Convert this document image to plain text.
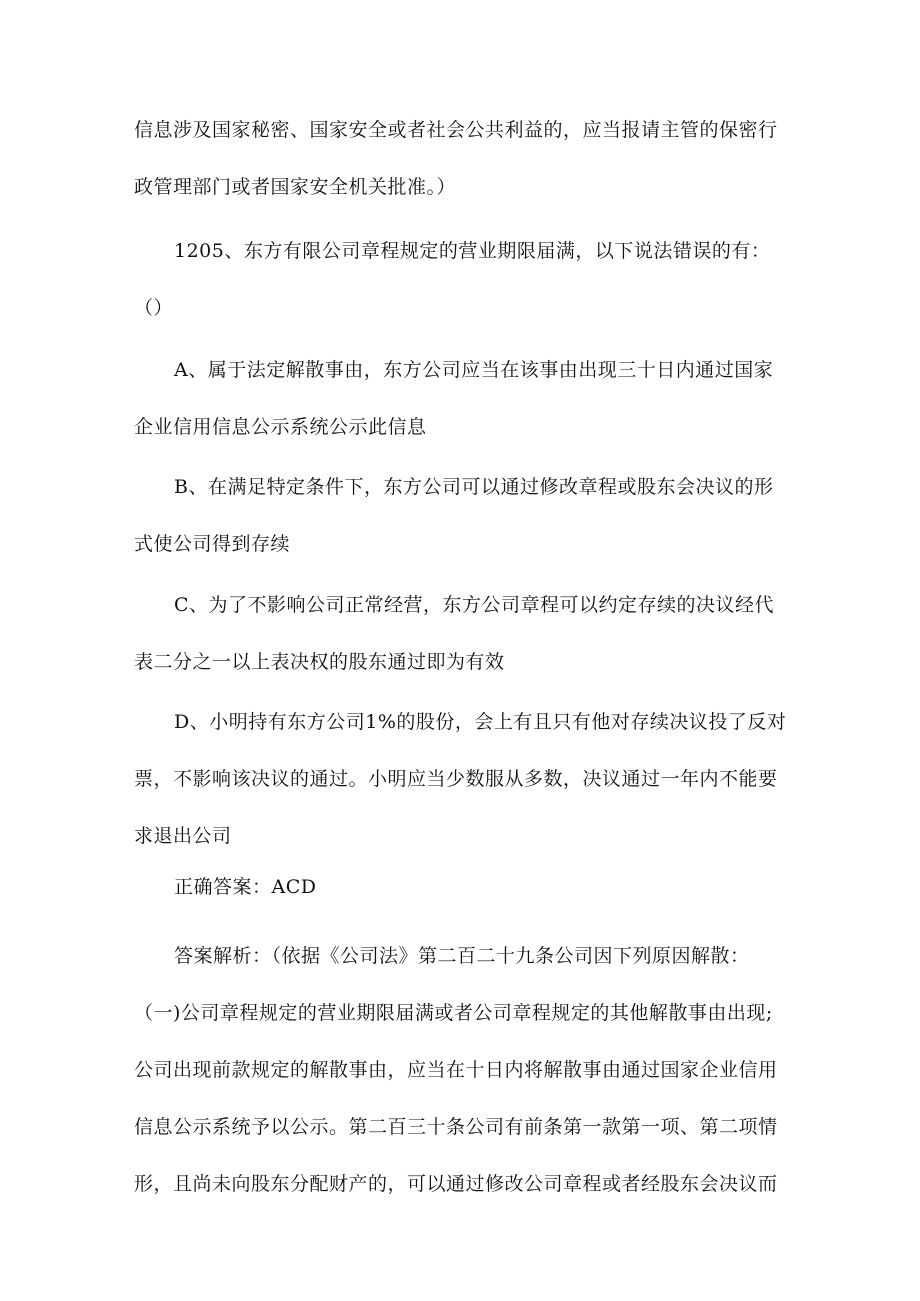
信息涉及国家秘密、国家安全或者社会公共利益的，应当报请主管的保密行
政管理部门或者国家安全机关批准。）

1205、东方有限公司章程规定的营业期限届满，以下说法错误的有：
（）

A、属于法定解散事由，东方公司应当在该事由出现三十日内通过国家
企业信用信息公示系统公示此信息

B、在满足特定条件下，东方公司可以通过修改章程或股东会决议的形
式使公司得到存续

C、为了不影响公司正常经营，东方公司章程可以约定存续的决议经代
表二分之一以上表决权的股东通过即为有效

D、小明持有东方公司1%的股份，会上有且只有他对存续决议投了反对
票，不影响该决议的通过。小明应当少数服从多数，决议通过一年内不能要
求退出公司

正确答案：ACD

答案解析：（依据《公司法》第二百二十九条公司因下列原因解散：
（一)公司章程规定的营业期限届满或者公司章程规定的其他解散事由出现;
公司出现前款规定的解散事由，应当在十日内将解散事由通过国家企业信用
信息公示系统予以公示。第二百三十条公司有前条第一款第一项、第二项情
形，且尚未向股东分配财产的，可以通过修改公司章程或者经股东会决议而
